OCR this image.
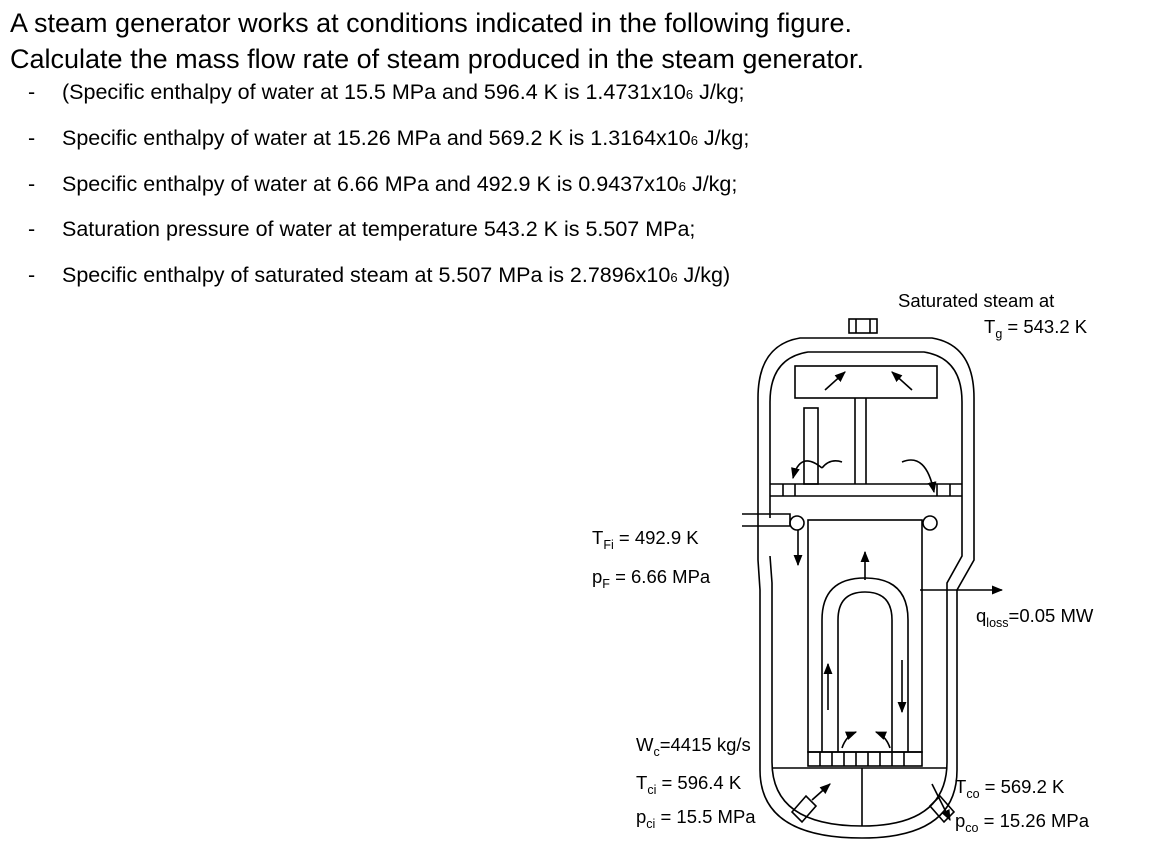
A steam generator works at conditions indicated in the following figure.
Calculate the mass flow rate of steam produced in the steam generator.
- (Specific enthalpy of water at 15.5 MPa and 596.4 K is 1.4731x106 J/kg;
- Specific enthalpy of water at 15.26 MPa and 569.2 K is 1.3164x106 J/kg;
- Specific enthalpy of water at 6.66 MPa and 492.9 K is 0.9437x106 J/kg;
- Saturation pressure of water at temperature 543.2 K is 5.507 MPa;
- Specific enthalpy of saturated steam at 5.507 MPa is 2.7896x106 J/kg)
Saturated steam at
$T_g = 543.2$ K
$T_{Fi} = 492.9$ K
$p_F = 6.66$ MPa
$q_{loss}=0.05$ MW
$W_c=4415$ kg/s
$T_{ci} = 596.4$ K
$p_{ci} = 15.5$ MPa
$T_{co} = 569.2$ K
$p_{co} = 15.26$ MPa
